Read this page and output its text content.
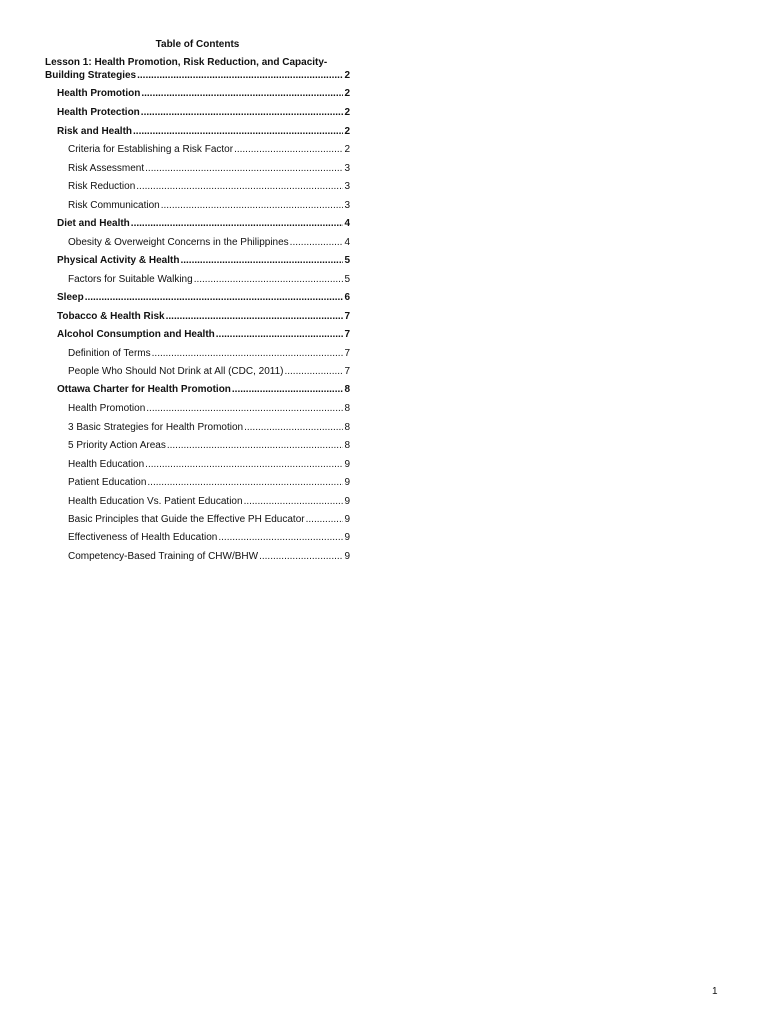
Table of Contents
Lesson 1: Health Promotion, Risk Reduction, and Capacity-
Building Strategies .....	2
Health Promotion .....	2
Health Protection .....	2
Risk and Health .....	2
Criteria for Establishing a Risk Factor .....	2
Risk Assessment .....	3
Risk Reduction .....	3
Risk Communication .....	3
Diet and Health .....	4
Obesity & Overweight Concerns in the Philippines .....	4
Physical Activity & Health .....	5
Factors for Suitable Walking .....	5
Sleep .....	6
Tobacco & Health Risk .....	7
Alcohol Consumption and Health .....	7
Definition of Terms .....	7
People Who Should Not Drink at All (CDC, 2011) .....	7
Ottawa Charter for Health Promotion .....	8
Health Promotion .....	8
3 Basic Strategies for Health Promotion .....	8
5 Priority Action Areas .....	8
Health Education .....	9
Patient Education .....	9
Health Education Vs. Patient Education .....	9
Basic Principles that Guide the Effective PH Educator .....	9
Effectiveness of Health Education .....	9
Competency-Based Training of CHW/BHW .....	9
1
